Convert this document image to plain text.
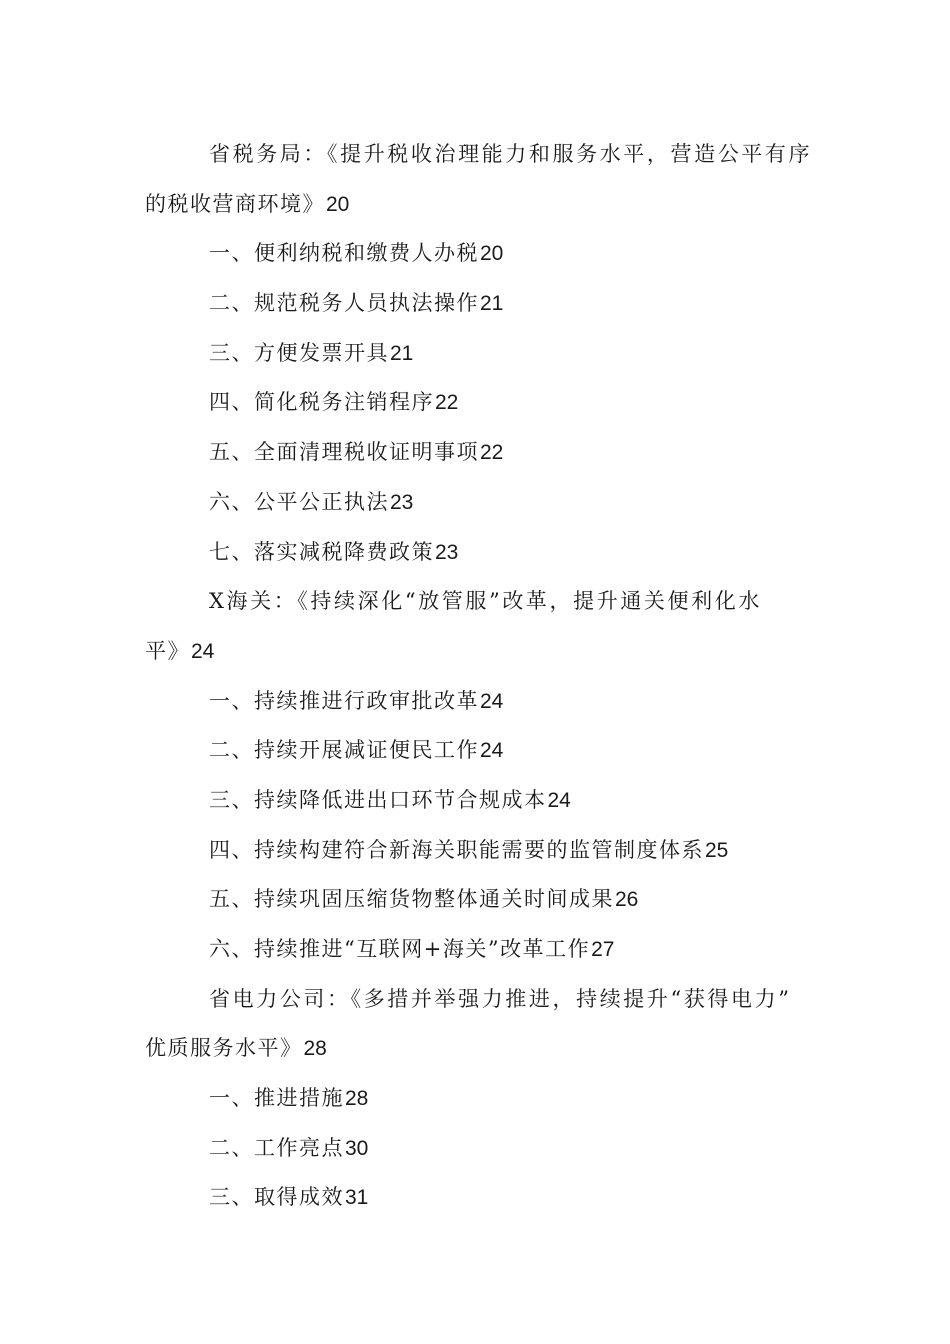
省税务局：《提升税收治理能力和服务水平，营造公平有序
的税收营商环境》20
一、便利纳税和缴费人办税20
二、规范税务人员执法操作21
三、方便发票开具21
四、简化税务注销程序22
五、全面清理税收证明事项22
六、公平公正执法23
七、落实减税降费政策23
X海关：《持续深化“放管服”改革，提升通关便利化水
平》24
一、持续推进行政审批改革24
二、持续开展减证便民工作24
三、持续降低进出口环节合规成本24
四、持续构建符合新海关职能需要的监管制度体系25
五、持续巩固压缩货物整体通关时间成果26
六、持续推进“互联网+海关”改革工作27
省电力公司：《多措并举强力推进，持续提升“获得电力”
优质服务水平》28
一、推进措施28
二、工作亮点30
三、取得成效31
